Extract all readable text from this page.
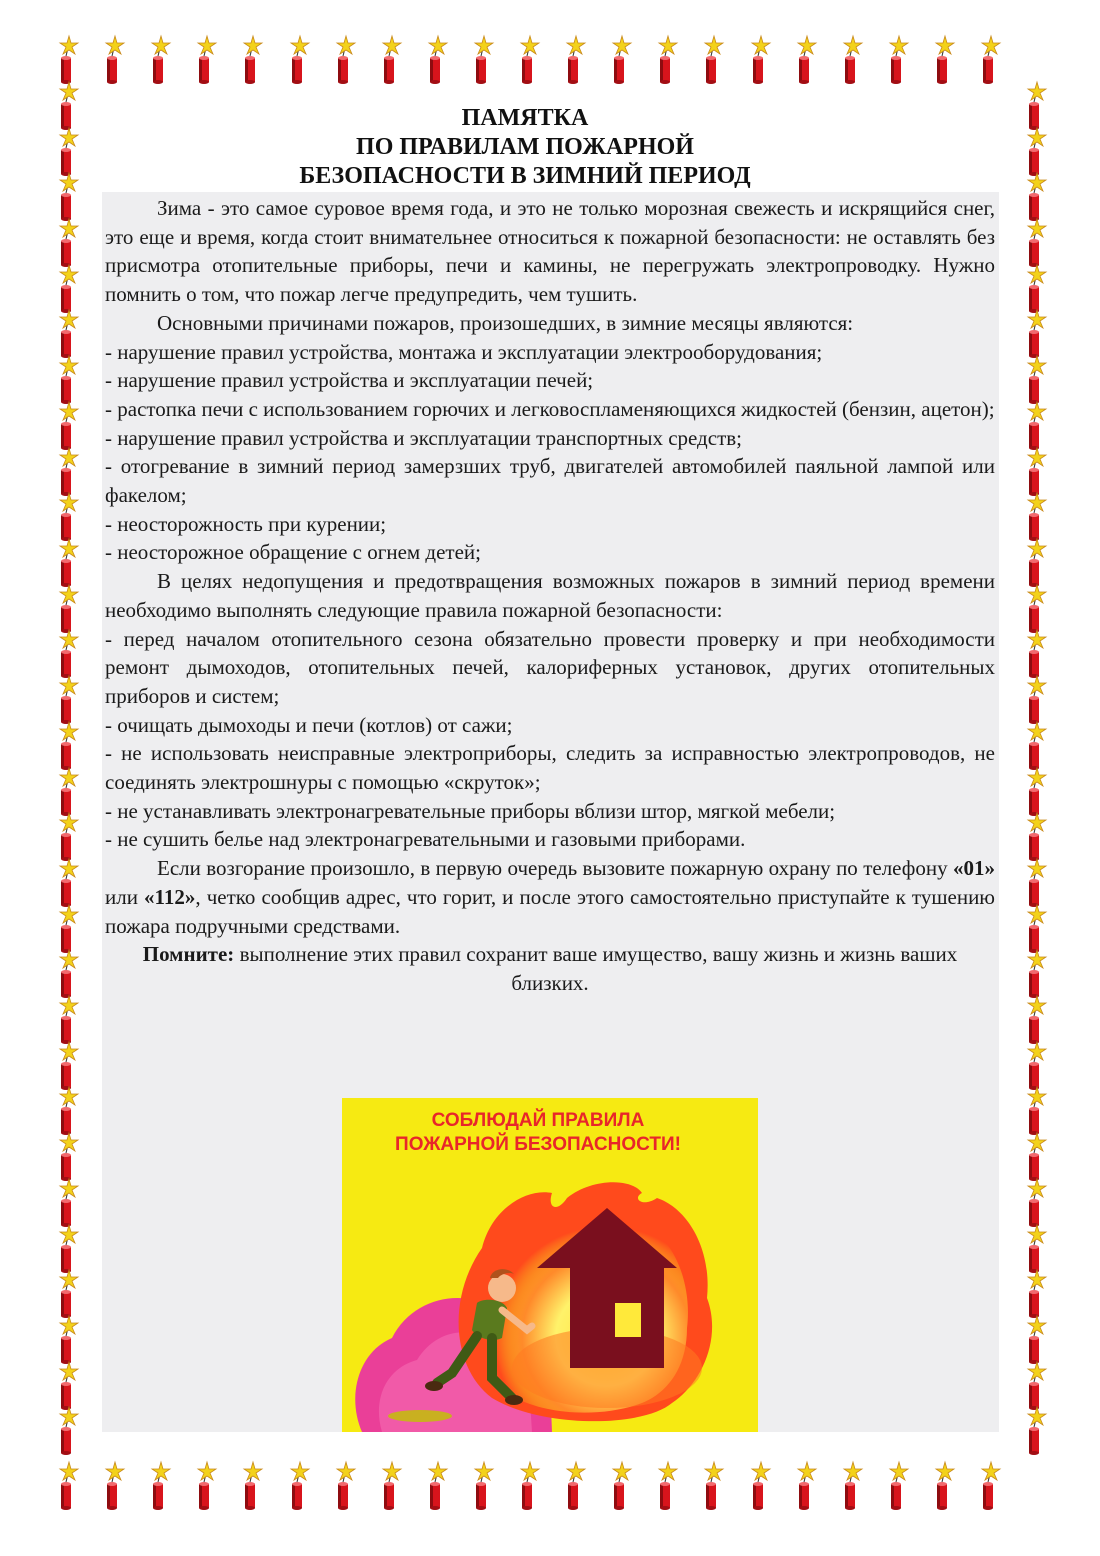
ПАМЯТКА
ПО ПРАВИЛАМ ПОЖАРНОЙ
БЕЗОПАСНОСТИ В ЗИМНИЙ ПЕРИОД

Зима - это самое суровое время года, и это не только морозная свежесть и искрящийся снег, это еще и время, когда стоит внимательнее относиться к пожарной безопасности: не оставлять без присмотра отопительные приборы, печи и камины, не перегружать электропроводку. Нужно помнить о том, что пожар легче предупредить, чем тушить.

Основными причинами пожаров, произошедших, в зимние месяцы являются:

- нарушение правил устройства, монтажа и эксплуатации электрооборудования;

- нарушение правил устройства и эксплуатации печей;

- растопка печи с использованием горючих и легковоспламеняющихся жидкостей (бензин, ацетон);

- нарушение правил устройства и эксплуатации транспортных средств;

- отогревание в зимний период замерзших труб, двигателей автомобилей паяльной лампой или факелом;

- неосторожность при курении;

- неосторожное обращение с огнем детей;

В целях недопущения и предотвращения возможных пожаров в зимний период времени необходимо выполнять следующие правила пожарной безопасности:

- перед началом отопительного сезона обязательно провести проверку и при необходимости ремонт дымоходов, отопительных печей, калориферных установок, других отопительных приборов и систем;

- очищать дымоходы и печи (котлов) от сажи;

- не использовать неисправные электроприборы, следить за исправностью электропроводов, не соединять электрошнуры с помощью «скруток»;

- не устанавливать электронагревательные приборы вблизи штор, мягкой мебели;

- не сушить белье над электронагревательными и газовыми приборами.

Если возгорание произошло, в первую очередь вызовите пожарную охрану по телефону «01» или «112», четко сообщив адрес, что горит, и после этого самостоятельно приступайте к тушению пожара подручными средствами.

Помните: выполнение этих правил сохранит ваше имущество, вашу жизнь и жизнь ваших близких.

СОБЛЮДАЙ ПРАВИЛА
ПОЖАРНОЙ БЕЗОПАСНОСТИ!
